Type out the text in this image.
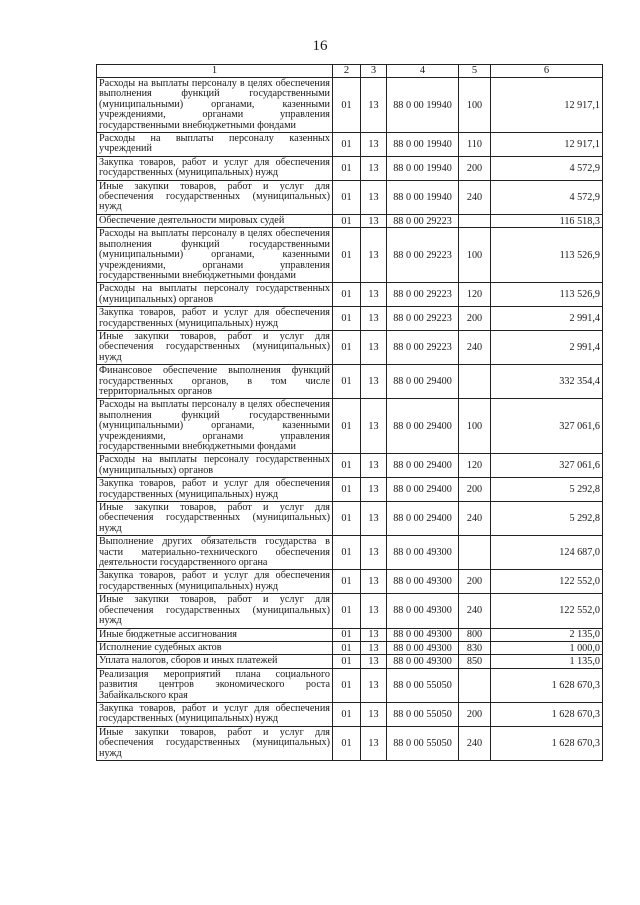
16
1	2	3	4	5	6
Расходы на выплаты персоналу в целях обеспечения выполнения функций государственными (муниципальными) органами, казенными учреждениями, органами управления государственными внебюджетными фондами	01	13	88 0 00 19940	100	12 917,1
Расходы на выплаты персоналу казенных учреждений	01	13	88 0 00 19940	110	12 917,1
Закупка товаров, работ и услуг для обеспечения государственных (муниципальных) нужд	01	13	88 0 00 19940	200	4 572,9
Иные закупки товаров, работ и услуг для обеспечения государственных (муниципальных) нужд	01	13	88 0 00 19940	240	4 572,9
Обеспечение деятельности мировых судей	01	13	88 0 00 29223		116 518,3
Расходы на выплаты персоналу в целях обеспечения выполнения функций государственными (муниципальными) органами, казенными учреждениями, органами управления государственными внебюджетными фондами	01	13	88 0 00 29223	100	113 526,9
Расходы на выплаты персоналу государственных (муниципальных) органов	01	13	88 0 00 29223	120	113 526,9
Закупка товаров, работ и услуг для обеспечения государственных (муниципальных) нужд	01	13	88 0 00 29223	200	2 991,4
Иные закупки товаров, работ и услуг для обеспечения государственных (муниципальных) нужд	01	13	88 0 00 29223	240	2 991,4
Финансовое обеспечение выполнения функций государственных органов, в том числе территориальных органов	01	13	88 0 00 29400		332 354,4
Расходы на выплаты персоналу в целях обеспечения выполнения функций государственными (муниципальными) органами, казенными учреждениями, органами управления государственными внебюджетными фондами	01	13	88 0 00 29400	100	327 061,6
Расходы на выплаты персоналу государственных (муниципальных) органов	01	13	88 0 00 29400	120	327 061,6
Закупка товаров, работ и услуг для обеспечения государственных (муниципальных) нужд	01	13	88 0 00 29400	200	5 292,8
Иные закупки товаров, работ и услуг для обеспечения государственных (муниципальных) нужд	01	13	88 0 00 29400	240	5 292,8
Выполнение других обязательств государства в части материально-технического обеспечения деятельности государственного органа	01	13	88 0 00 49300		124 687,0
Закупка товаров, работ и услуг для обеспечения государственных (муниципальных) нужд	01	13	88 0 00 49300	200	122 552,0
Иные закупки товаров, работ и услуг для обеспечения государственных (муниципальных) нужд	01	13	88 0 00 49300	240	122 552,0
Иные бюджетные ассигнования	01	13	88 0 00 49300	800	2 135,0
Исполнение судебных актов	01	13	88 0 00 49300	830	1 000,0
Уплата налогов, сборов и иных платежей	01	13	88 0 00 49300	850	1 135,0
Реализация мероприятий плана социального развития центров экономического роста Забайкальского края	01	13	88 0 00 55050		1 628 670,3
Закупка товаров, работ и услуг для обеспечения государственных (муниципальных) нужд	01	13	88 0 00 55050	200	1 628 670,3
Иные закупки товаров, работ и услуг для обеспечения государственных (муниципальных) нужд	01	13	88 0 00 55050	240	1 628 670,3
